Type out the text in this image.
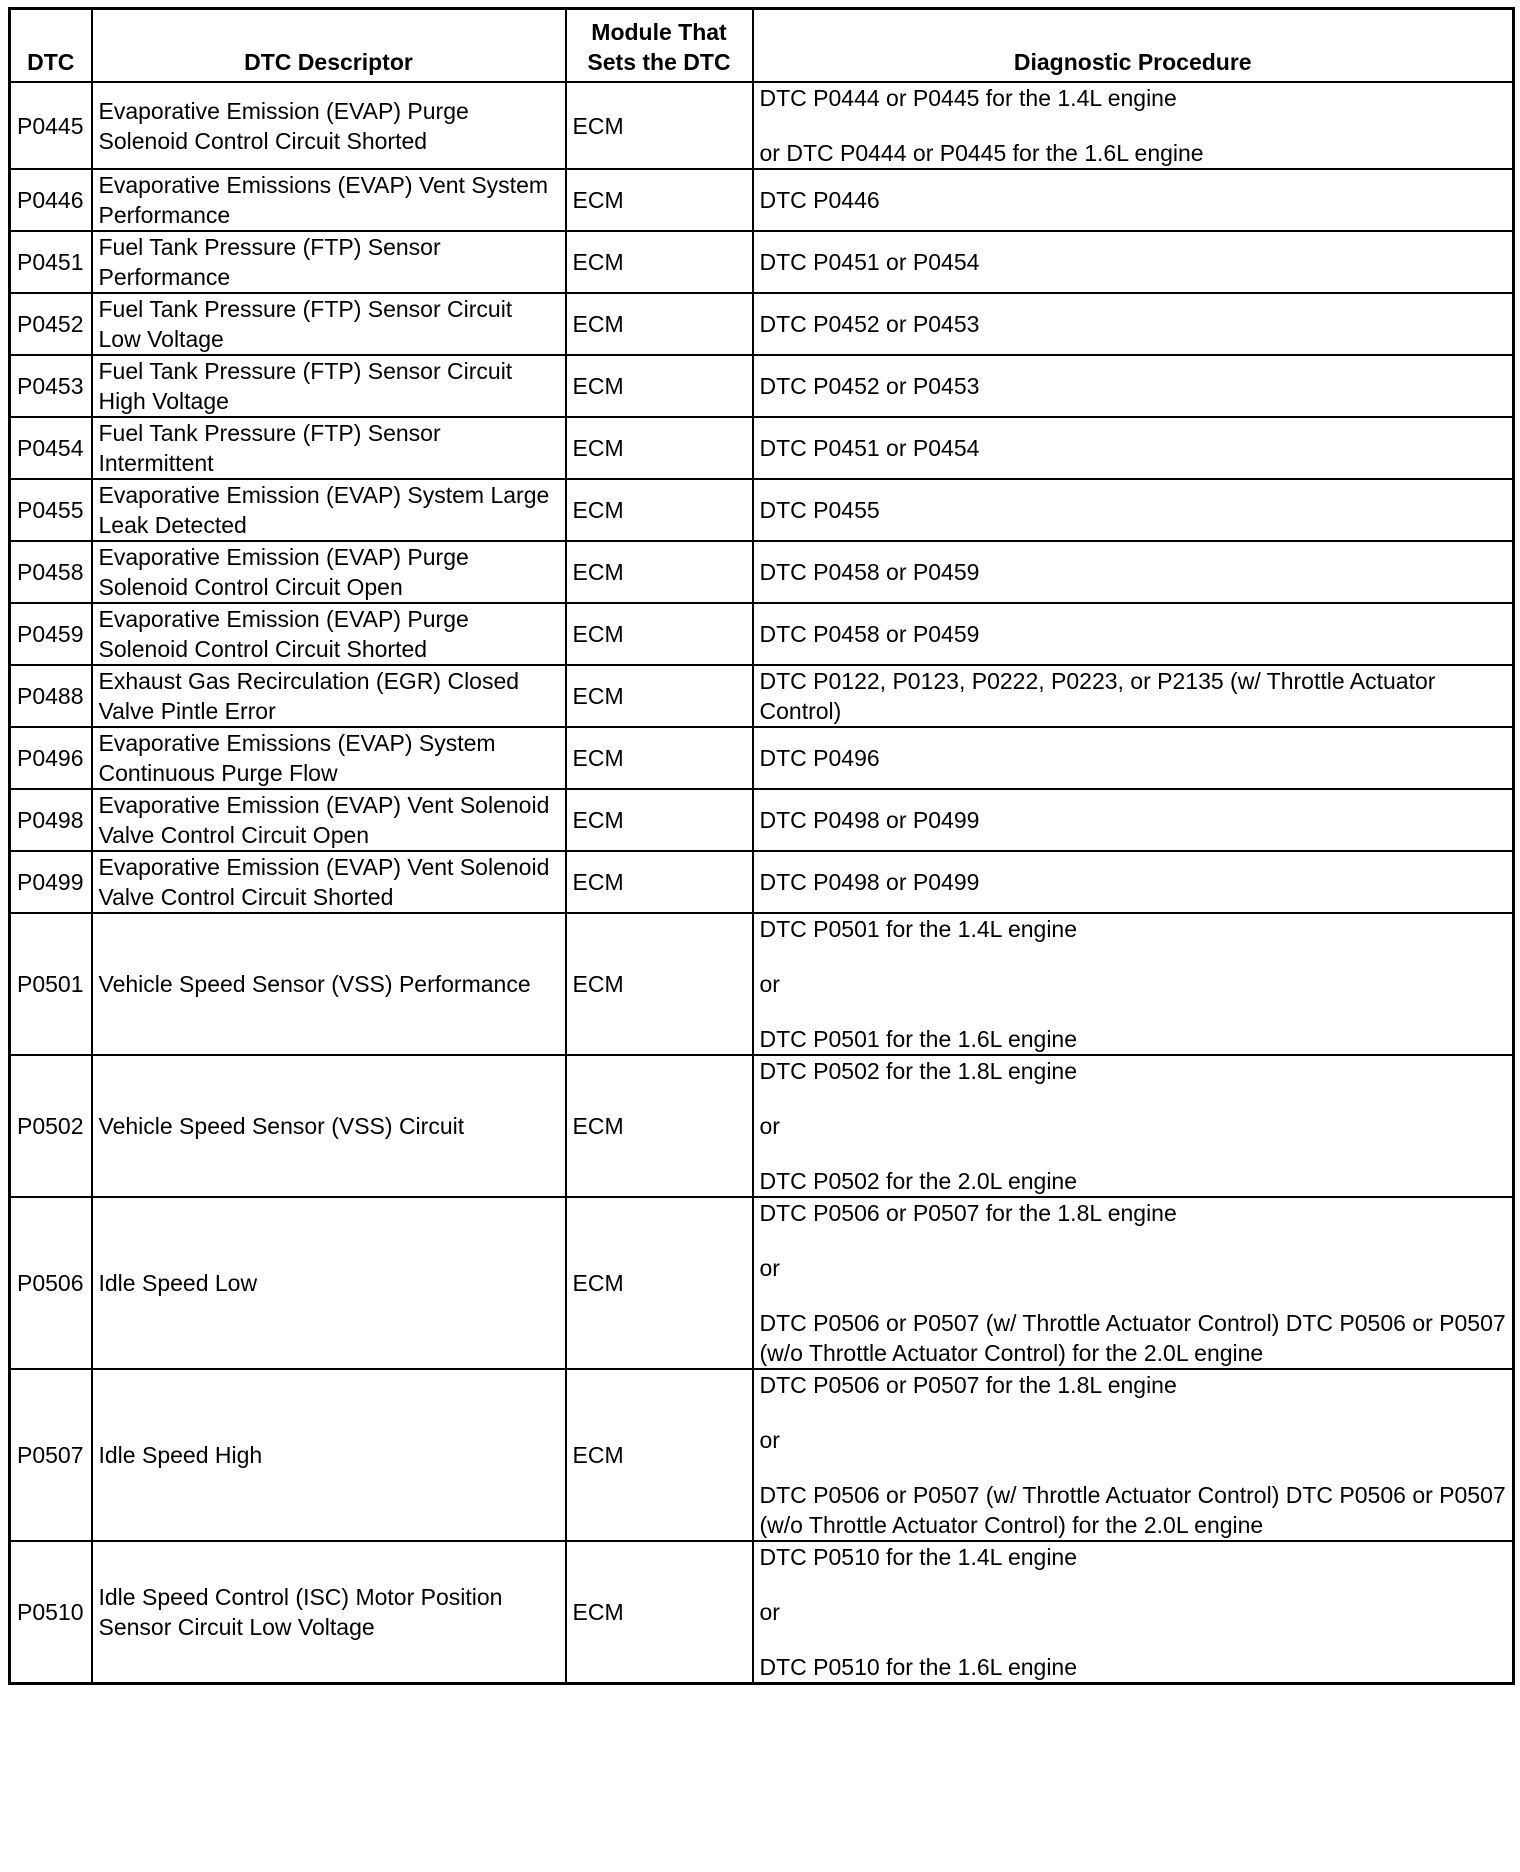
DTC	DTC Descriptor	Module That Sets the DTC	Diagnostic Procedure
P0445	Evaporative Emission (EVAP) Purge Solenoid Control Circuit Shorted	ECM	DTC P0444 or P0445 for the 1.4L engine
or DTC P0444 or P0445 for the 1.6L engine

P0446	Evaporative Emissions (EVAP) Vent System Performance	ECM	DTC P0446

P0451	Fuel Tank Pressure (FTP) Sensor Performance	ECM	DTC P0451 or P0454

P0452	Fuel Tank Pressure (FTP) Sensor Circuit Low Voltage	ECM	DTC P0452 or P0453

P0453	Fuel Tank Pressure (FTP) Sensor Circuit High Voltage	ECM	DTC P0452 or P0453

P0454	Fuel Tank Pressure (FTP) Sensor Intermittent	ECM	DTC P0451 or P0454

P0455	Evaporative Emission (EVAP) System Large Leak Detected	ECM	DTC P0455

P0458	Evaporative Emission (EVAP) Purge Solenoid Control Circuit Open	ECM	DTC P0458 or P0459

P0459	Evaporative Emission (EVAP) Purge Solenoid Control Circuit Shorted	ECM	DTC P0458 or P0459

P0488	Exhaust Gas Recirculation (EGR) Closed Valve Pintle Error	ECM	DTC P0122, P0123, P0222, P0223, or P2135 (w/ Throttle Actuator Control)

P0496	Evaporative Emissions (EVAP) System Continuous Purge Flow	ECM	DTC P0496

P0498	Evaporative Emission (EVAP) Vent Solenoid Valve Control Circuit Open	ECM	DTC P0498 or P0499

P0499	Evaporative Emission (EVAP) Vent Solenoid Valve Control Circuit Shorted	ECM	DTC P0498 or P0499

P0501	Vehicle Speed Sensor (VSS) Performance	ECM	DTC P0501 for the 1.4L engine
or
DTC P0501 for the 1.6L engine

P0502	Vehicle Speed Sensor (VSS) Circuit	ECM	DTC P0502 for the 1.8L engine
or
DTC P0502 for the 2.0L engine

P0506	Idle Speed Low	ECM	DTC P0506 or P0507 for the 1.8L engine
or
DTC P0506 or P0507 (w/ Throttle Actuator Control) DTC P0506 or P0507 (w/o Throttle Actuator Control) for the 2.0L engine

P0507	Idle Speed High	ECM	DTC P0506 or P0507 for the 1.8L engine
or
DTC P0506 or P0507 (w/ Throttle Actuator Control) DTC P0506 or P0507 (w/o Throttle Actuator Control) for the 2.0L engine

P0510	Idle Speed Control (ISC) Motor Position Sensor Circuit Low Voltage	ECM	DTC P0510 for the 1.4L engine
or
DTC P0510 for the 1.6L engine
